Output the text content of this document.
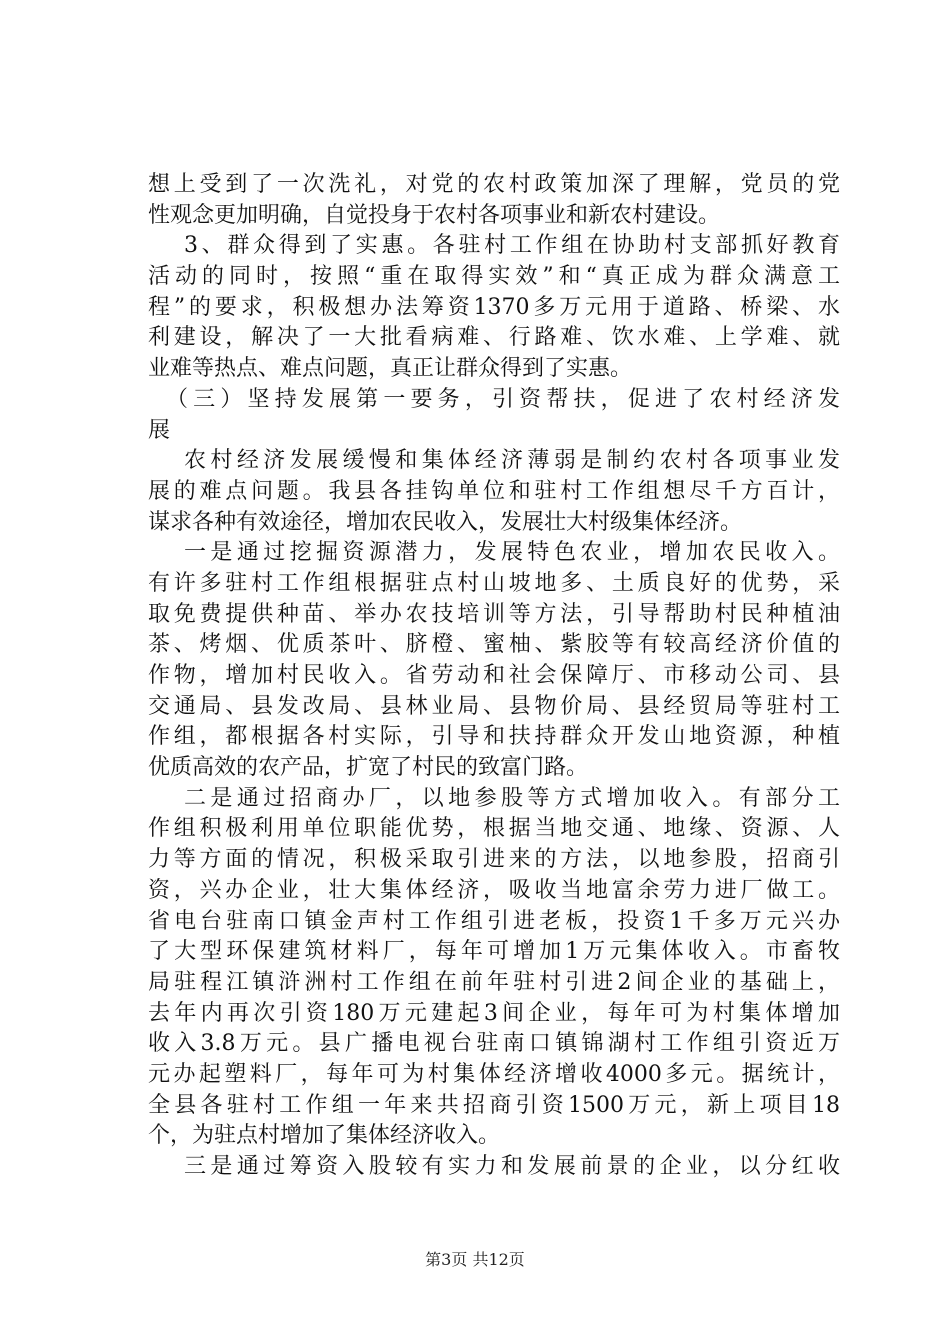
想上受到了一次洗礼，对党的农村政策加深了理解，党员的党
性观念更加明确，自觉投身于农村各项事业和新农村建设。
3、群众得到了实惠。各驻村工作组在协助村支部抓好教育
活动的同时，按照“重在取得实效”和“真正成为群众满意工
程”的要求，积极想办法筹资1370多万元用于道路、桥梁、水
利建设，解决了一大批看病难、行路难、饮水难、上学难、就
业难等热点、难点问题，真正让群众得到了实惠。
（三）坚持发展第一要务，引资帮扶，促进了农村经济发
展
农村经济发展缓慢和集体经济薄弱是制约农村各项事业发
展的难点问题。我县各挂钩单位和驻村工作组想尽千方百计，
谋求各种有效途径，增加农民收入，发展壮大村级集体经济。
一是通过挖掘资源潜力，发展特色农业，增加农民收入。
有许多驻村工作组根据驻点村山坡地多、土质良好的优势，采
取免费提供种苗、举办农技培训等方法，引导帮助村民种植油
茶、烤烟、优质茶叶、脐橙、蜜柚、紫胶等有较高经济价值的
作物，增加村民收入。省劳动和社会保障厅、市移动公司、县
交通局、县发改局、县林业局、县物价局、县经贸局等驻村工
作组，都根据各村实际，引导和扶持群众开发山地资源，种植
优质高效的农产品，扩宽了村民的致富门路。
二是通过招商办厂，以地参股等方式增加收入。有部分工
作组积极利用单位职能优势，根据当地交通、地缘、资源、人
力等方面的情况，积极采取引进来的方法，以地参股，招商引
资，兴办企业，壮大集体经济，吸收当地富余劳力进厂做工。
省电台驻南口镇金声村工作组引进老板，投资1千多万元兴办
了大型环保建筑材料厂，每年可增加1万元集体收入。市畜牧
局驻程江镇浒洲村工作组在前年驻村引进2间企业的基础上，
去年内再次引资180万元建起3间企业，每年可为村集体增加
收入3.8万元。县广播电视台驻南口镇锦湖村工作组引资近万
元办起塑料厂，每年可为村集体经济增收4000多元。据统计，
全县各驻村工作组一年来共招商引资1500万元，新上项目18
个，为驻点村增加了集体经济收入。
三是通过筹资入股较有实力和发展前景的企业，以分红收
第3页 共12页
